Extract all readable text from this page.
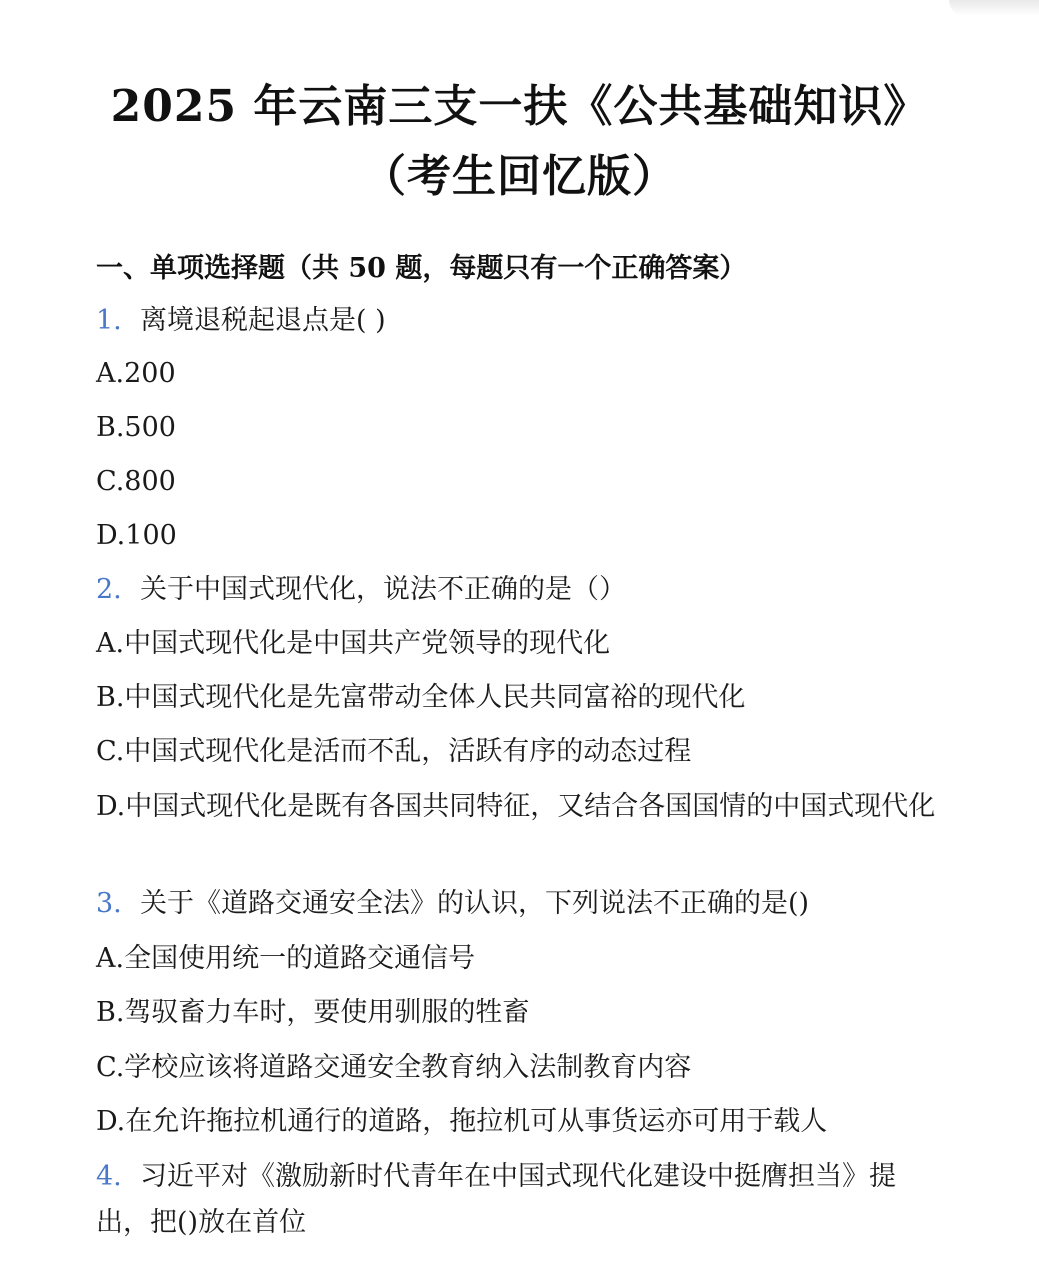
2025 年云南三支一扶《公共基础知识》
（考生回忆版）
一、单项选择题（共 50 题，每题只有一个正确答案）
1. 离境退税起退点是( )
A.200
B.500
C.800
D.100
2. 关于中国式现代化，说法不正确的是（）
A.中国式现代化是中国共产党领导的现代化
B.中国式现代化是先富带动全体人民共同富裕的现代化
C.中国式现代化是活而不乱，活跃有序的动态过程
D.中国式现代化是既有各国共同特征，又结合各国国情的中国式现代化
3. 关于《道路交通安全法》的认识，下列说法不正确的是()
A.全国使用统一的道路交通信号
B.驾驭畜力车时，要使用驯服的牲畜
C.学校应该将道路交通安全教育纳入法制教育内容
D.在允许拖拉机通行的道路，拖拉机可从事货运亦可用于载人
4. 习近平对《激励新时代青年在中国式现代化建设中挺膺担当》提出，把()放在首位
